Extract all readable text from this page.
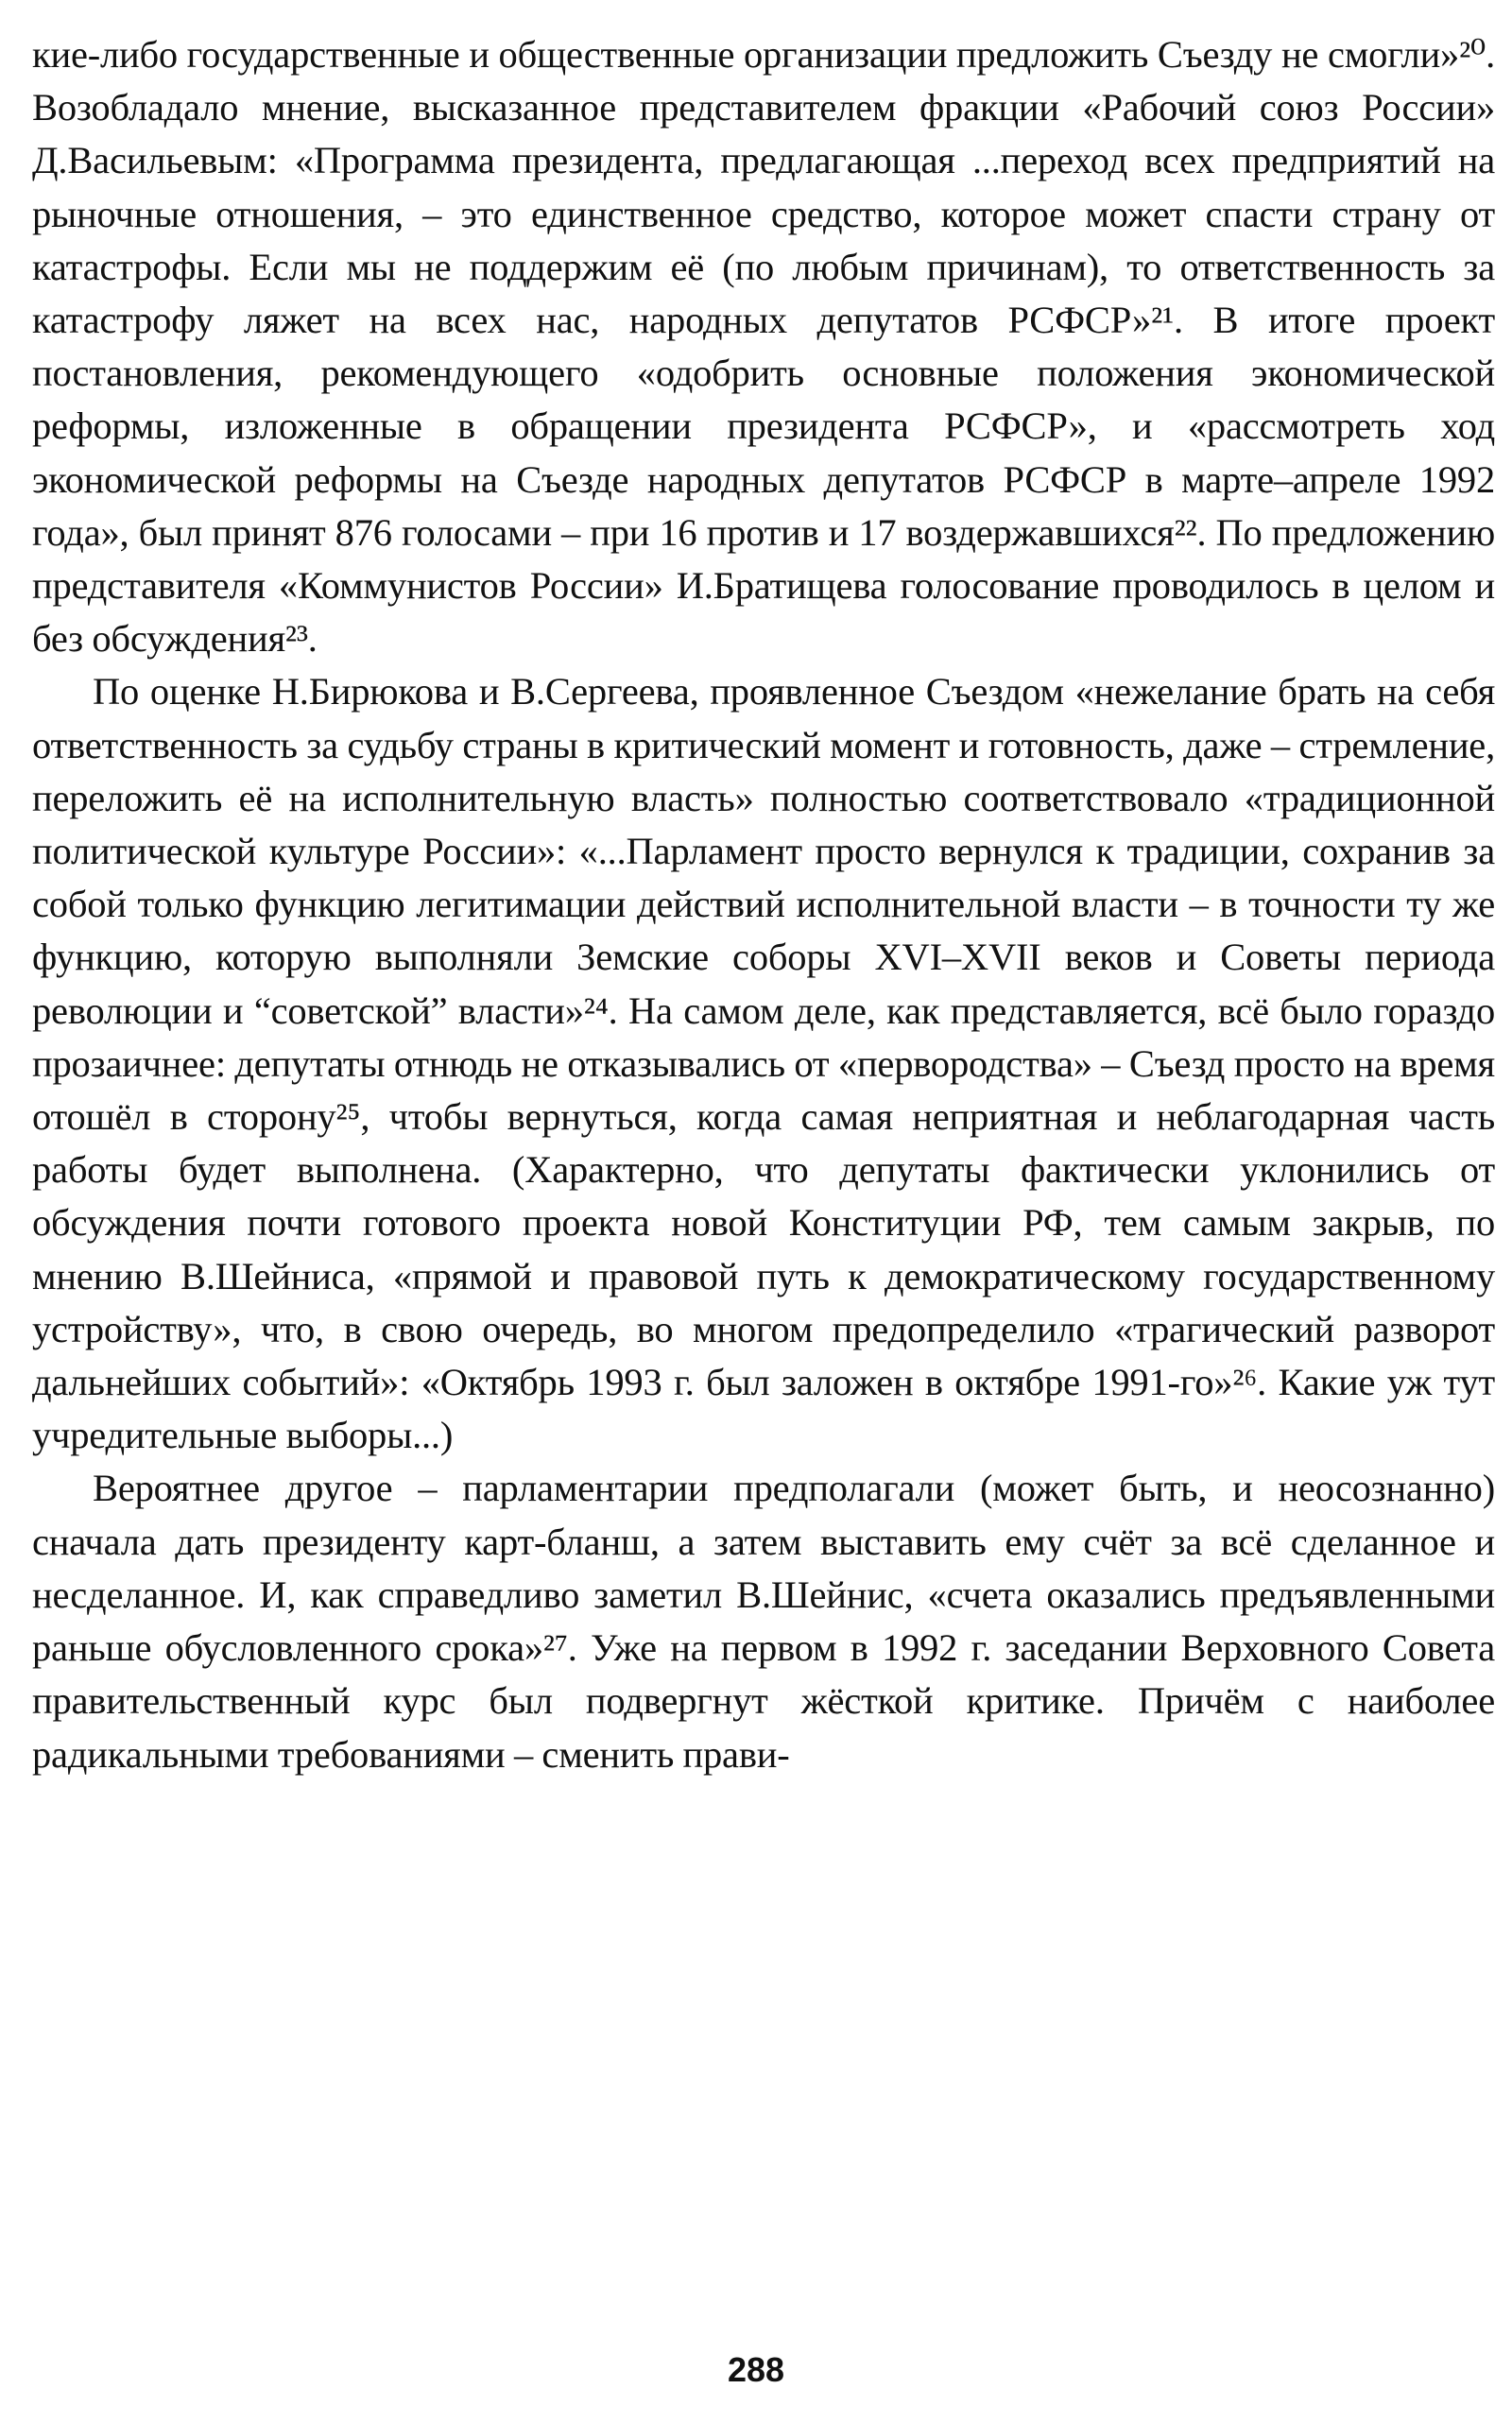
кие-либо государственные и общественные организации предложить Съезду не смогли»²⁰. Возобладало мнение, высказанное представителем фракции «Рабочий союз России» Д.Васильевым: «Программа президента, предлагающая ...переход всех предприятий на рыночные отношения, – это единственное средство, которое может спасти страну от катастрофы. Если мы не поддержим её (по любым причинам), то ответственность за катастрофу ляжет на всех нас, народных депутатов РСФСР»²¹. В итоге проект постановления, рекомендующего «одобрить основные положения экономической реформы, изложенные в обращении президента РСФСР», и «рассмотреть ход экономической реформы на Съезде народных депутатов РСФСР в марте–апреле 1992 года», был принят 876 голосами – при 16 против и 17 воздержавшихся²². По предложению представителя «Коммунистов России» И.Братищева голосование проводилось в целом и без обсуждения²³.

По оценке Н.Бирюкова и В.Сергеева, проявленное Съездом «нежелание брать на себя ответственность за судьбу страны в критический момент и готовность, даже – стремление, переложить её на исполнительную власть» полностью соответствовало «традиционной политической культуре России»: «...Парламент просто вернулся к традиции, сохранив за собой только функцию легитимации действий исполнительной власти – в точности ту же функцию, которую выполняли Земские соборы XVI–XVII веков и Советы периода революции и “советской” власти»²⁴. На самом деле, как представляется, всё было гораздо прозаичнее: депутаты отнюдь не отказывались от «первородства» – Съезд просто на время отошёл в сторону²⁵, чтобы вернуться, когда самая неприятная и неблагодарная часть работы будет выполнена. (Характерно, что депутаты фактически уклонились от обсуждения почти готового проекта новой Конституции РФ, тем самым закрыв, по мнению В.Шейниса, «прямой и правовой путь к демократическому государственному устройству», что, в свою очередь, во многом предопределило «трагический разворот дальнейших событий»: «Октябрь 1993 г. был заложен в октябре 1991-го»²⁶. Какие уж тут учредительные выборы...)

Вероятнее другое – парламентарии предполагали (может быть, и неосознанно) сначала дать президенту карт-бланш, а затем выставить ему счёт за всё сделанное и несделанное. И, как справедливо заметил В.Шейнис, «счета оказались предъявленными раньше обусловленного срока»²⁷. Уже на первом в 1992 г. заседании Верховного Совета правительственный курс был подвергнут жёсткой критике. Причём с наиболее радикальными требованиями – сменить прави-

288
